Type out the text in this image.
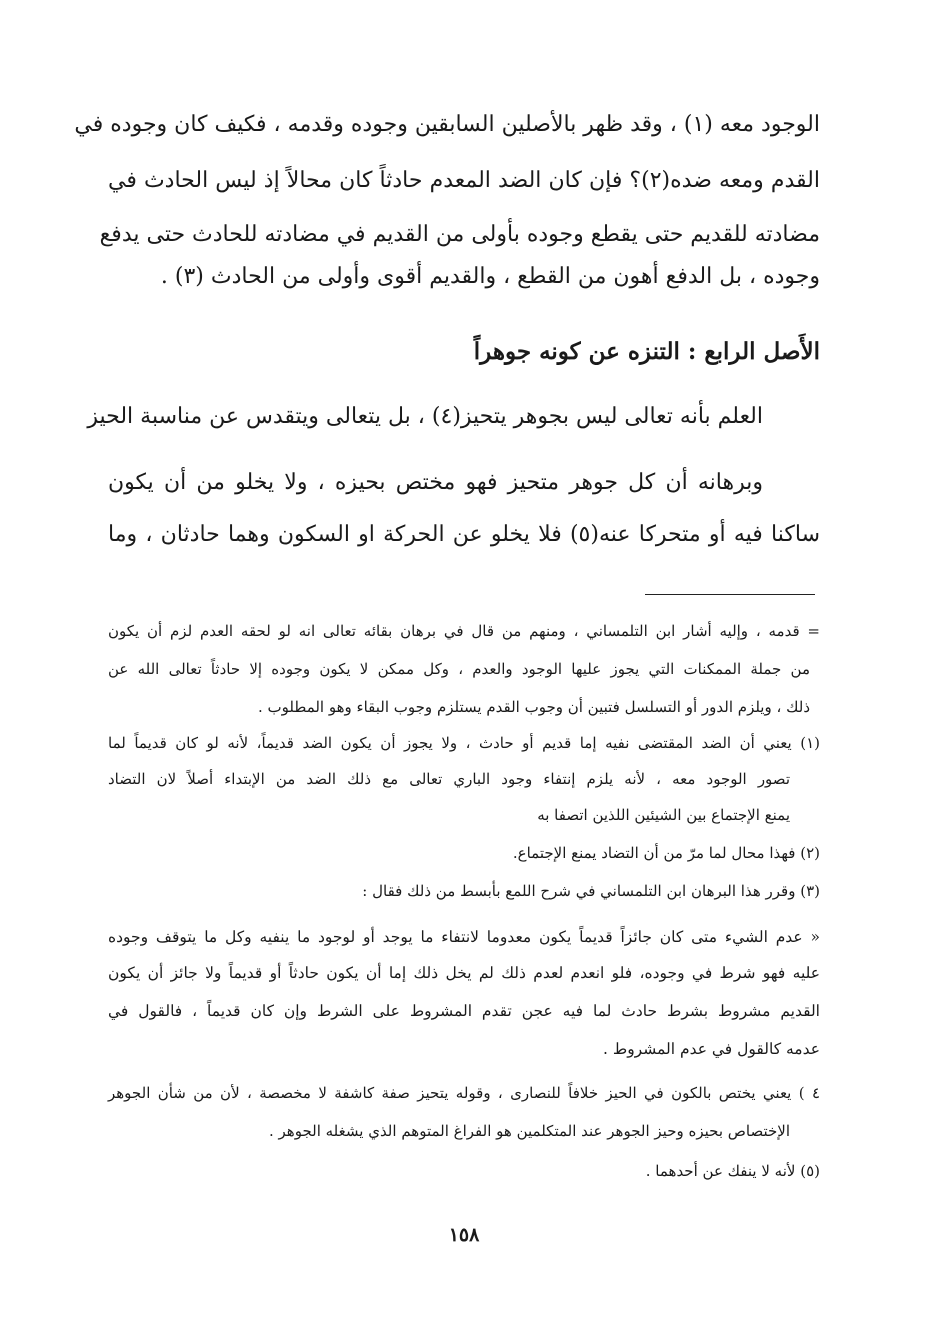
الوجود معه (١) ، وقد ظهر بالأصلين السابقين وجوده وقدمه ، فكيف كان وجوده في
القدم ومعه ضده(٢)؟ فإن كان الضد المعدم حادثاً كان محالاً إذ ليس الحادث في
مضادته للقديم حتى يقطع وجوده بأولى من القديم في مضادته للحادث حتى يدفع
وجوده ، بل الدفع أهون من القطع ، والقديم أقوى وأولى من الحادث (٣) .
الأَصل الرابع : التنزه عن كونه جوهراً
العلم بأنه تعالى ليس بجوهر يتحيز(٤) ، بل يتعالى ويتقدس عن مناسبة الحيز
وبرهانه أن كل جوهر متحيز فهو مختص بحيزه ، ولا يخلو من أن يكون
ساكنا فيه أو متحركا عنه(٥) فلا يخلو عن الحركة او السكون وهما حادثان ، وما
= قدمه ، وإليه أشار ابن التلمساني ، ومنهم من قال في برهان بقائه تعالى انه لو لحقه العدم لزم أن يكون
من جملة الممكنات التي يجوز عليها الوجود والعدم ، وكل ممكن لا يكون وجوده إلا حادثاً تعالى الله عن
ذلك ، ويلزم الدور أو التسلسل فتبين أن وجوب القدم يستلزم وجوب البقاء وهو المطلوب .
(١) يعني أن الضد المقتضى نفيه إما قديم أو حادث ، ولا يجوز أن يكون الضد قديماً، لأنه لو كان قديماً لما
تصور الوجود معه ، لأنه يلزم إنتفاء وجود الباري تعالى مع ذلك الضد من الإبتداء أصلاً لان التضاد
يمنع الإجتماع بين الشيئين اللذين اتصفا به
(٢) فهذا محال لما مرّ من أن التضاد يمنع الإجتماع.
(٣) وقرر هذا البرهان ابن التلمساني في شرح اللمع بأبسط من ذلك فقال :
« عدم الشيء متى كان جائزاً قديماً يكون معدوما لانتفاء ما يوجد أو لوجود ما ينفيه وكل ما يتوقف وجوده
عليه فهو شرط في وجوده، فلو انعدم لعدم ذلك لم يخل ذلك إما أن يكون حادثاً أو قديماً ولا جائز أن يكون
القديم مشروط بشرط حادث لما فيه عجن تقدم المشروط على الشرط وإن كان قديماً ، فالقول في
عدمه كالقول في عدم المشروط .
٤ ) يعني يختص بالكون في الحيز خلافاً للنصارى ، وقوله يتحيز صفة كاشفة لا مخصصة ، لأن من شأن الجوهر
الإختصاص بحيزه وحيز الجوهر عند المتكلمين هو الفراغ المتوهم الذي يشغله الجوهر .
(٥) لأنه لا ينفك عن أحدهما .
١٥٨
